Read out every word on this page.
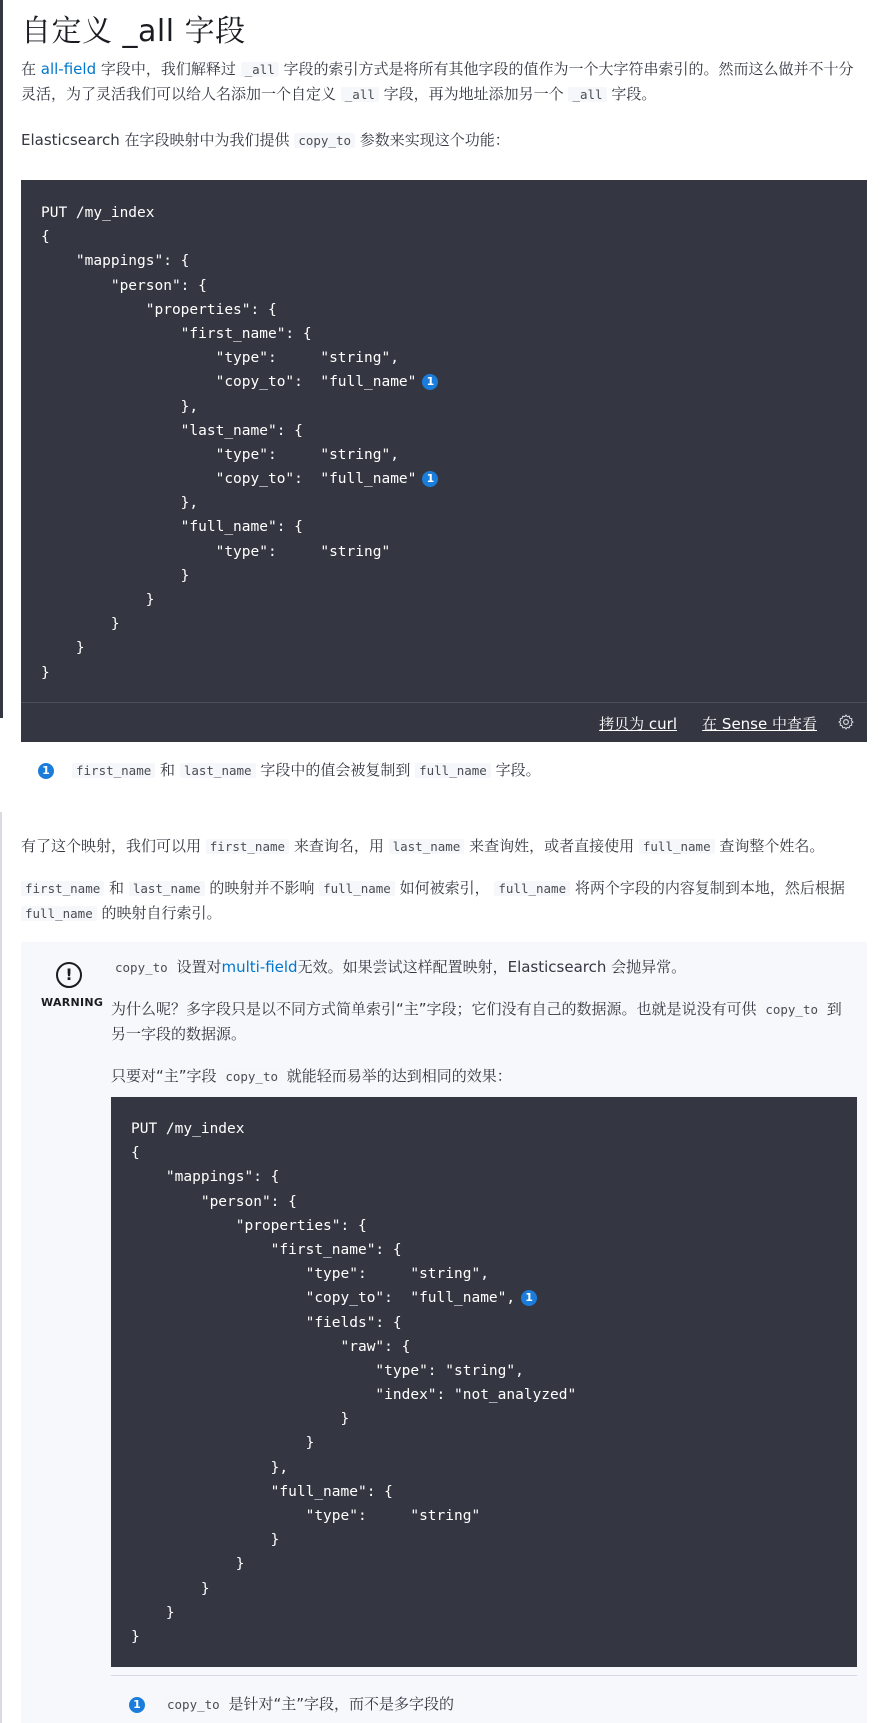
自定义 _all 字段
在 all-field 字段中，我们解释过 _all 字段的索引方式是将所有其他字段的值作为一个大字符串索引的。然而这么做并不十分灵活，为了灵活我们可以给人名添加一个自定义 _all 字段，再为地址添加另一个 _all 字段。
Elasticsearch 在字段映射中为我们提供 copy_to 参数来实现这个功能：
PUT /my_index
{
"mappings": {
"person": {
"properties": {
"first_name": {
"type":     "string",
"copy_to":  "full_name" 1
},
"last_name": {
"type":     "string",
"copy_to":  "full_name" 1
},
"full_name": {
"type":     "string"
}
}
}
}
}
拷贝为 curl 在 Sense 中查看
1 first_name 和 last_name 字段中的值会被复制到 full_name 字段。
有了这个映射，我们可以用 first_name 来查询名，用 last_name 来查询姓，或者直接使用 full_name 查询整个姓名。
first_name 和 last_name 的映射并不影响 full_name 如何被索引， full_name 将两个字段的内容复制到本地，然后根据 full_name 的映射自行索引。
!
WARNING
copy_to 设置对multi-field无效。如果尝试这样配置映射，Elasticsearch 会抛异常。
为什么呢？多字段只是以不同方式简单索引“主”字段；它们没有自己的数据源。也就是说没有可供 copy_to 到另一字段的数据源。
只要对“主”字段 copy_to 就能轻而易举的达到相同的效果：
PUT /my_index
{
"mappings": {
"person": {
"properties": {
"first_name": {
"type":     "string",
"copy_to":  "full_name", 1
"fields": {
"raw": {
"type": "string",
"index": "not_analyzed"
}
}
},
"full_name": {
"type":     "string"
}
}
}
}
}
1 copy_to 是针对“主”字段，而不是多字段的
